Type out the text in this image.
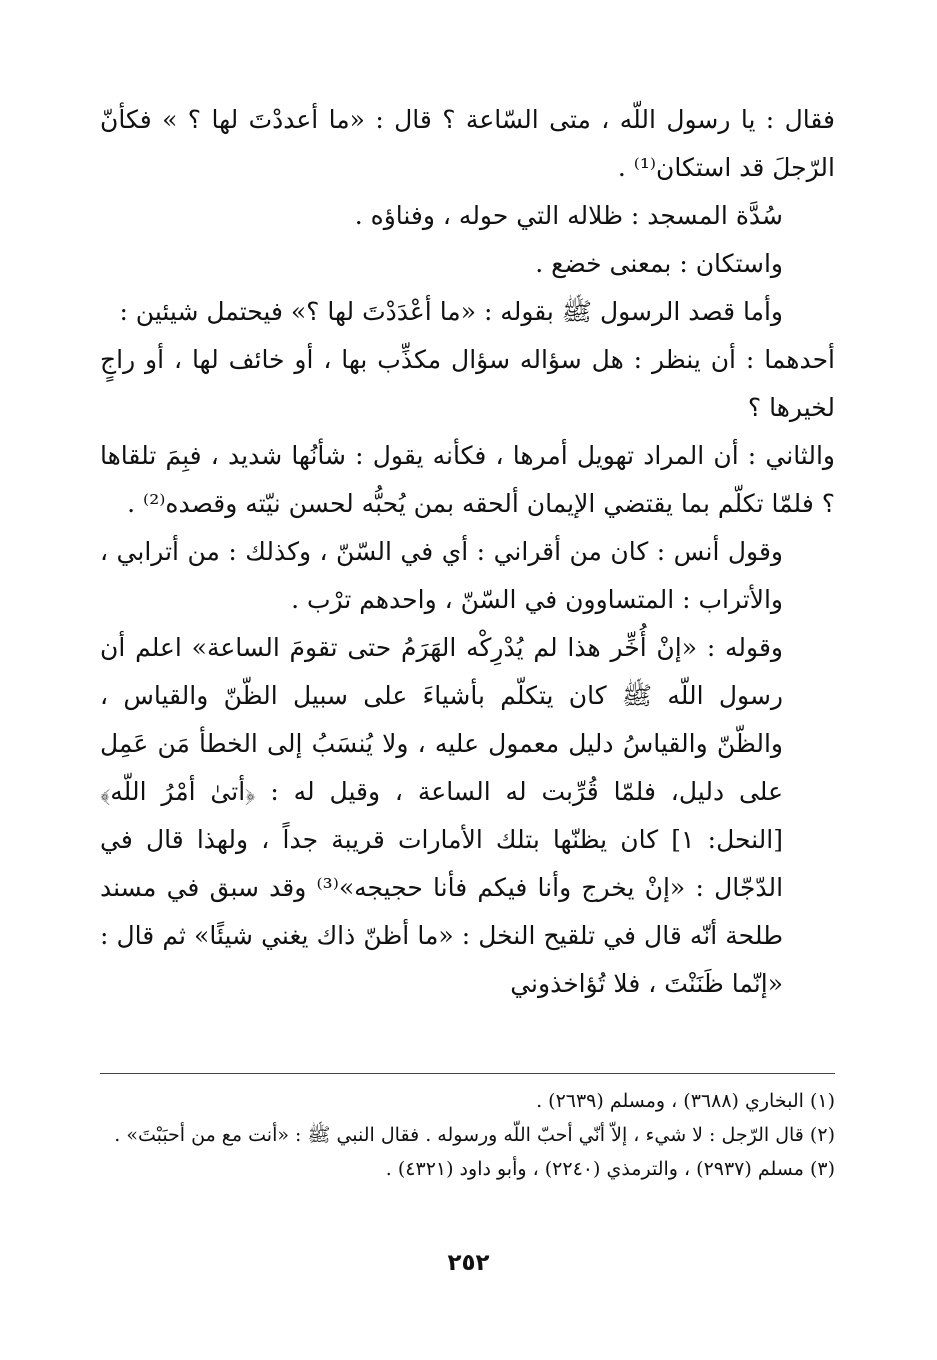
فقال : يا رسول اللّه ، متى السّاعة ؟ قال : «ما أعددْتَ لها ؟ » فكأنّ الرّجلَ قد استكان⁽¹⁾ .

سُدَّة المسجد : ظلاله التي حوله ، وفناؤه .

واستكان : بمعنى خضع .

وأما قصد الرسول ﷺ بقوله : «ما أعْدَدْتَ لها ؟» فيحتمل شيئين :

أحدهما : أن ينظر : هل سؤاله سؤال مكذِّب بها ، أو خائف لها ، أو راجٍ لخيرها ؟

والثاني : أن المراد تهويل أمرها ، فكأنه يقول : شأنُها شديد ، فبِمَ تلقاها ؟ فلمّا تكلّم بما يقتضي الإيمان ألحقه بمن يُحبُّه لحسن نيّته وقصده⁽²⁾ .

وقول أنس : كان من أقراني : أي في السّنّ ، وكذلك : من أترابي ، والأتراب : المتساوون في السّنّ ، واحدهم ترْب .

وقوله : «إنْ أُخِّر هذا لم يُدْرِكْه الهَرَمُ حتى تقومَ الساعة» اعلم أن رسول اللّه ﷺ كان يتكلّم بأشياءَ على سبيل الظّنّ والقياس ، والظّنّ والقياسُ دليل معمول عليه ، ولا يُنسَبُ إلى الخطأ مَن عَمِل على دليل، فلمّا قُرِّبت له الساعة ، وقيل له : ﴿أتىٰ أمْرُ اللّه﴾ [النحل: ١] كان يظنّها بتلك الأمارات قريبة جداً ، ولهذا قال في الدّجّال : «إنْ يخرج وأنا فيكم فأنا حجيجه»⁽³⁾ وقد سبق في مسند طلحة أنّه قال في تلقيح النخل : «ما أظنّ ذاك يغني شيئًا» ثم قال : «إنّما ظَنَنْتَ ، فلا تُؤاخذوني

(١) البخاري (٣٦٨٨) ، ومسلم (٢٦٣٩) .

(٢) قال الرّجل : لا شيء ، إلاّ أنّي أحبّ اللّه ورسوله . فقال النبي ﷺ : «أنت مع من أحبَبْتَ» .

(٣) مسلم (٢٩٣٧) ، والترمذي (٢٢٤٠) ، وأبو داود (٤٣٢١) .

٢٥٢
